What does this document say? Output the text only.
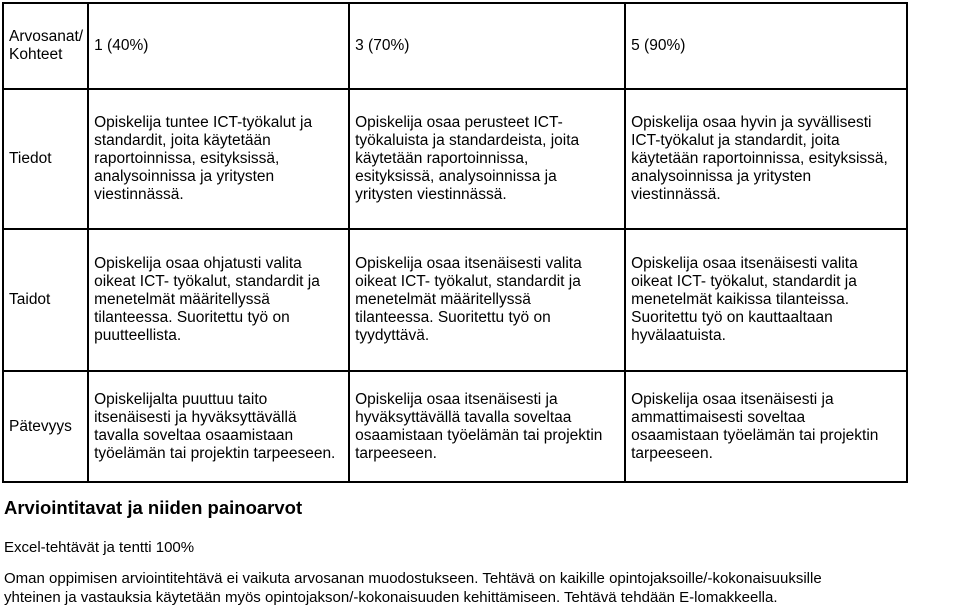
Arvosanat/
Kohteet	1 (40%)	3 (70%)	5 (90%)
Tiedot	Opiskelija tuntee ICT-työkalut ja
standardit, joita käytetään
raportoinnissa, esityksissä,
analysoinnissa ja yritysten
viestinnässä.	Opiskelija osaa perusteet ICT-
työkaluista ja standardeista, joita
käytetään raportoinnissa,
esityksissä, analysoinnissa ja
yritysten viestinnässä.	Opiskelija osaa hyvin ja syvällisesti
ICT-työkalut ja standardit, joita
käytetään raportoinnissa, esityksissä,
analysoinnissa ja yritysten
viestinnässä.

Taidot	Opiskelija osaa ohjatusti valita
oikeat ICT- työkalut, standardit ja
menetelmät määritellyssä
tilanteessa. Suoritettu työ on
puutteellista.	Opiskelija osaa itsenäisesti valita
oikeat ICT- työkalut, standardit ja
menetelmät määritellyssä
tilanteessa. Suoritettu työ on
tyydyttävä.	Opiskelija osaa itsenäisesti valita
oikeat ICT- työkalut, standardit ja
menetelmät kaikissa tilanteissa.
Suoritettu työ on kauttaaltaan
hyvälaatuista.

Pätevyys	Opiskelijalta puuttuu taito
itsenäisesti ja hyväksyttävällä
tavalla soveltaa osaamistaan
työelämän tai projektin tarpeeseen.	Opiskelija osaa itsenäisesti ja
hyväksyttävällä tavalla soveltaa
osaamistaan työelämän tai projektin
tarpeeseen.	Opiskelija osaa itsenäisesti ja
ammattimaisesti soveltaa
osaamistaan työelämän tai projektin
tarpeeseen.
Arviointitavat ja niiden painoarvot

Excel-tehtävät ja tentti 100%

Oman oppimisen arviointitehtävä ei vaikuta arvosanan muodostukseen. Tehtävä on kaikille opintojaksoille/-kokonaisuuksille
yhteinen ja vastauksia käytetään myös opintojakson/-kokonaisuuden kehittämiseen. Tehtävä tehdään E-lomakkeella.
